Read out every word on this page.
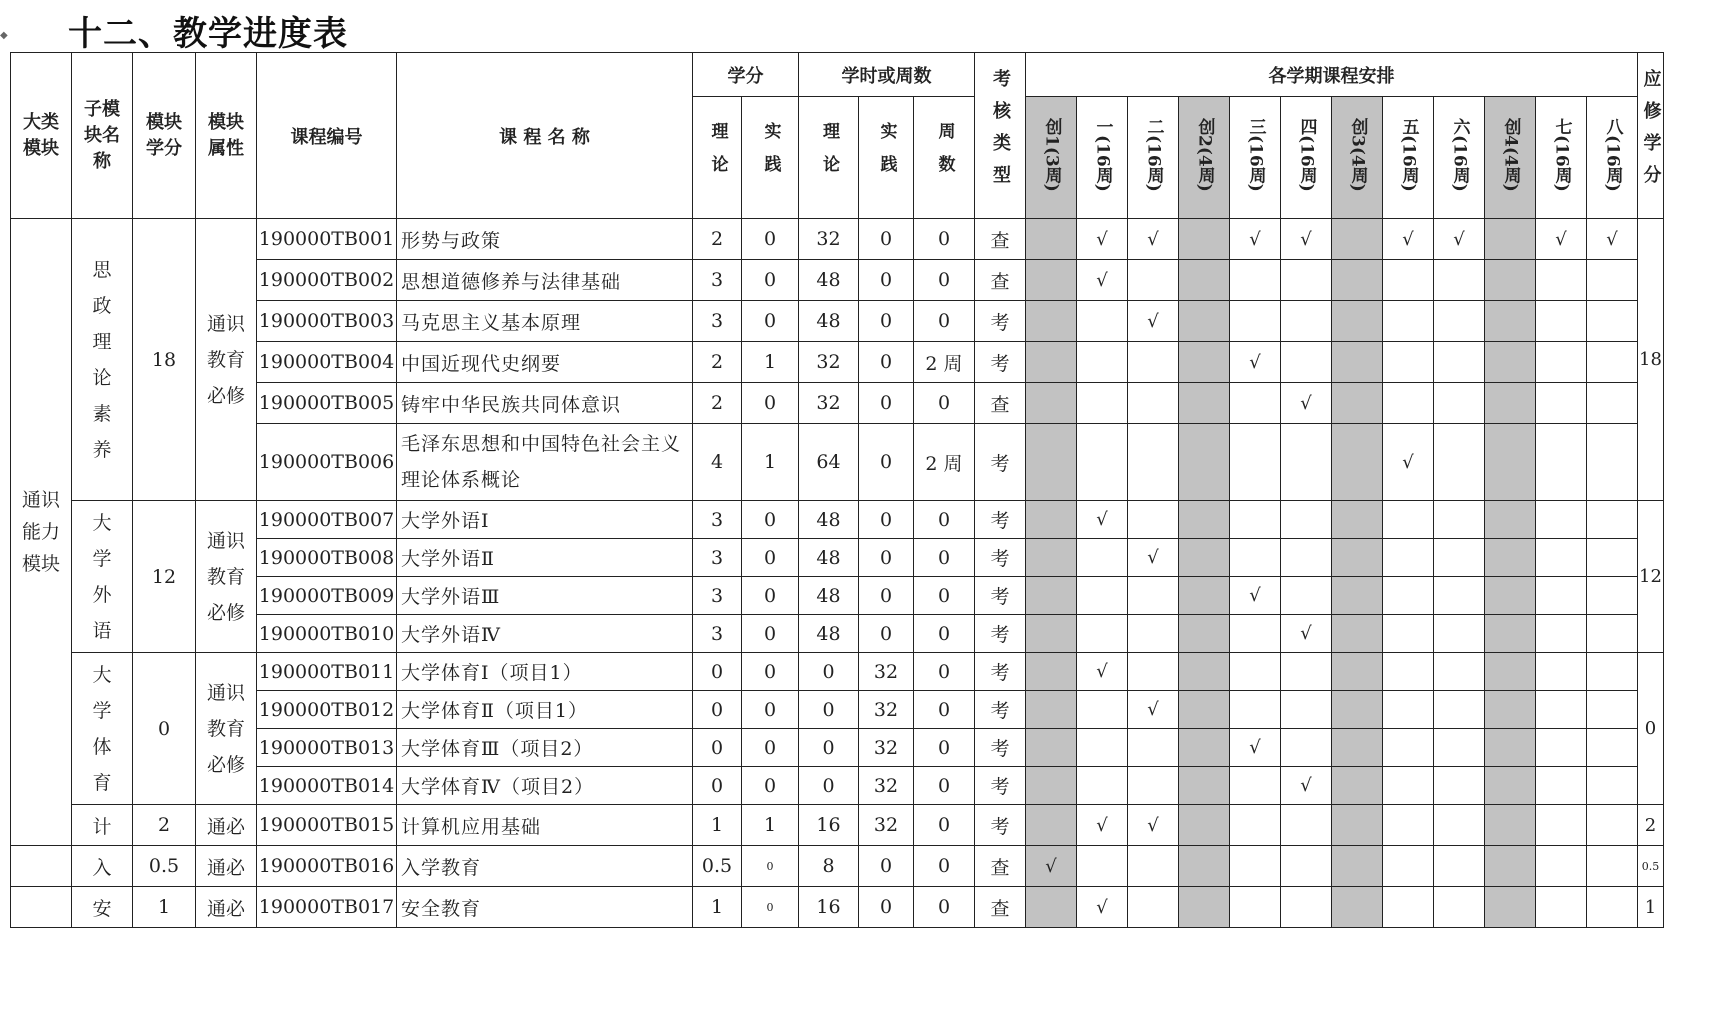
◆ 十二、教学进度表
大类模块	子模块名称	模块学分	模块属性	课程编号	课 程 名 称	学分		学时或周数			考核类型	各学期课程安排												应修学分
						理论	实践	理论	实践	周数		创1(3周)	一(16周)	二(16周)	创2(4周)	三(16周)	四(16周)	创3(4周)	五(16周)	六(16周)	创4(4周)	七(16周)	八(16周)	
通识能力模块	思政理论素养	18	通识教育必修	190000TB001	形势与政策	2	0	32	0	0	查		√	√		√	√		√	√		√	√	18
				190000TB002	思想道德修养与法律基础	3	0	48	0	0	查		√											
				190000TB003	马克思主义基本原理	3	0	48	0	0	考			√										
				190000TB004	中国近现代史纲要	2	1	32	0	2 周	考					√								
				190000TB005	铸牢中华民族共同体意识	2	0	32	0	0	查						√							
				190000TB006	毛泽东思想和中国特色社会主义理论体系概论	4	1	64	0	2 周	考								√					
	大学外语	12	通识教育必修	190000TB007	大学外语Ⅰ	3	0	48	0	0	考		√											12
				190000TB008	大学外语Ⅱ	3	0	48	0	0	考			√										
				190000TB009	大学外语Ⅲ	3	0	48	0	0	考					√								
				190000TB010	大学外语Ⅳ	3	0	48	0	0	考						√							
	大学体育	0	通识教育必修	190000TB011	大学体育Ⅰ（项目1）	0	0	0	32	0	考		√											0
				190000TB012	大学体育Ⅱ（项目1）	0	0	0	32	0	考			√										
				190000TB013	大学体育Ⅲ（项目2）	0	0	0	32	0	考					√								
				190000TB014	大学体育Ⅳ（项目2）	0	0	0	32	0	考						√							
	计	2	通必	190000TB015	计算机应用基础	1	1	16	32	0	考		√	√										2
	入	0.5	通必	190000TB016	入学教育	0.5	0	8	0	0	查	√												0.5
	安	1	通必	190000TB017	安全教育	1	0	16	0	0	查		√											1
